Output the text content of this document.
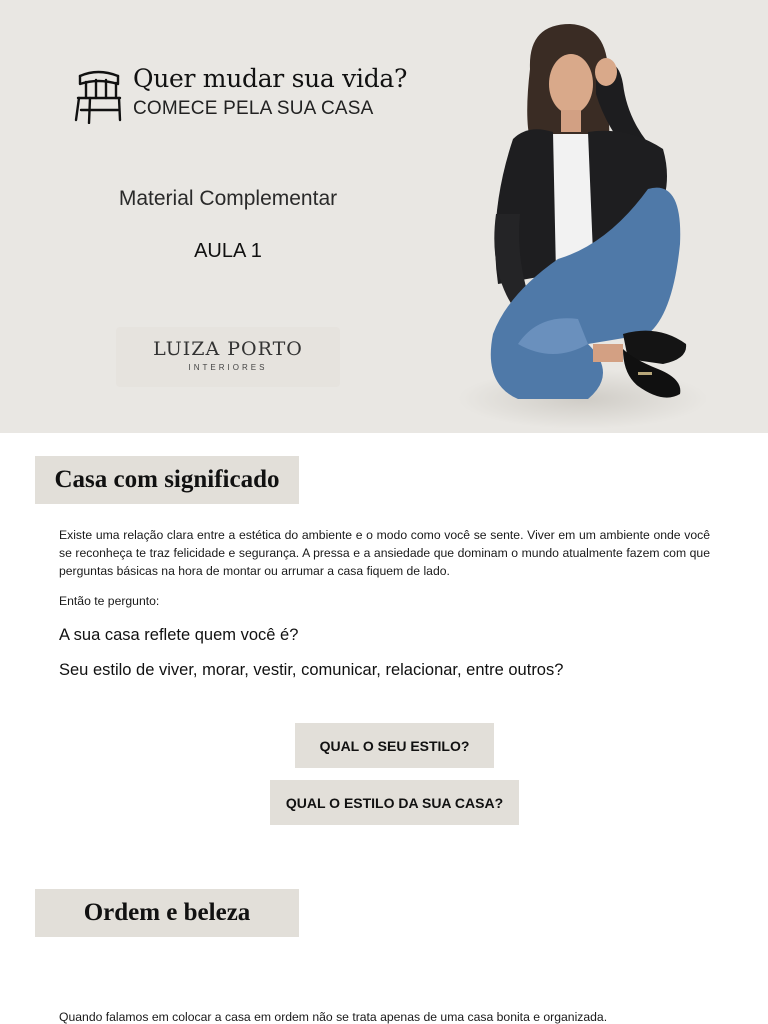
Quer mudar sua vida?
COMECE PELA SUA CASA
Material Complementar
AULA 1
LUIZA PORTO
INTERIORES
Casa com significado

Existe uma relação clara entre a estética do ambiente e o modo como você se sente. Viver em um ambiente onde você se reconheça te traz felicidade e segurança. A pressa e a ansiedade que dominam o mundo atualmente fazem com que perguntas básicas na hora de montar ou arrumar a casa fiquem de lado.

Então te pergunto:
A sua casa reflete quem você é?
Seu estilo de viver, morar, vestir, comunicar, relacionar, entre outros?
QUAL O SEU ESTILO?
QUAL O ESTILO DA SUA CASA?
Ordem e beleza
Quando falamos em colocar a casa em ordem não se trata apenas de uma casa bonita e organizada.
